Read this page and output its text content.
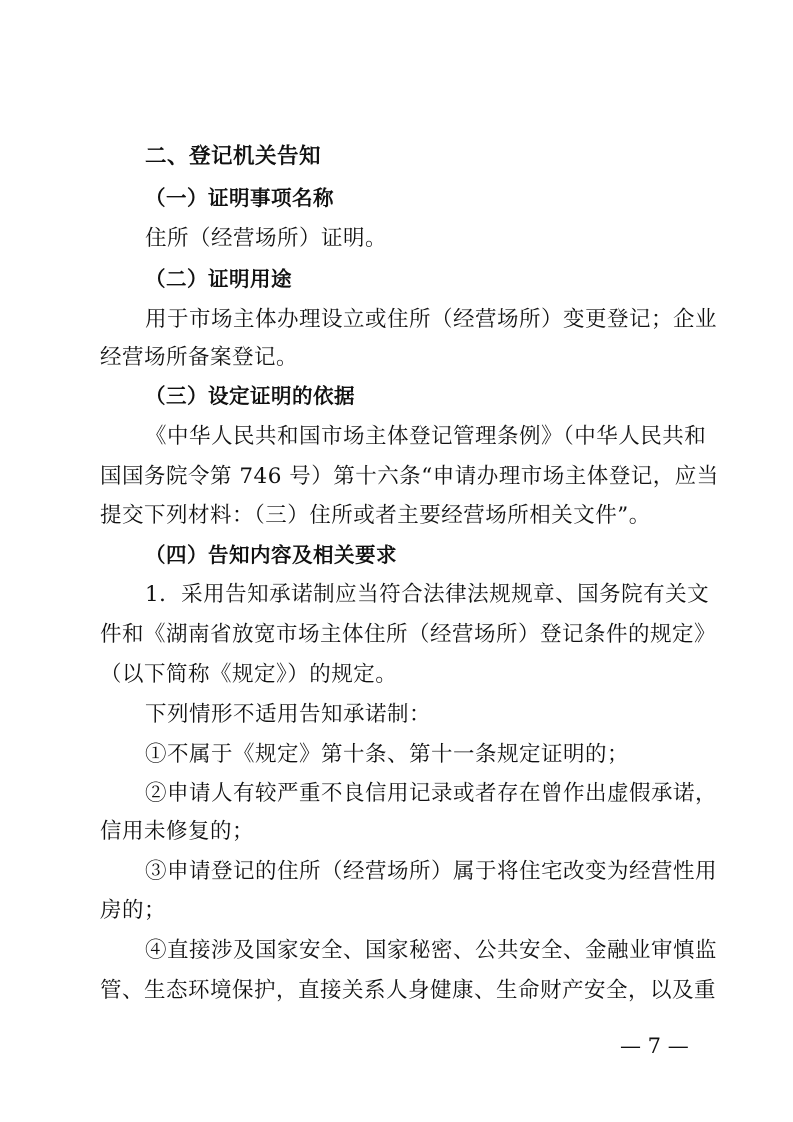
二、登记机关告知
（一）证明事项名称
住所（经营场所）证明。
（二）证明用途
用于市场主体办理设立或住所（经营场所）变更登记；企业
经营场所备案登记。
（三）设定证明的依据
《中华人民共和国市场主体登记管理条例》（中华人民共和
国国务院令第 746 号）第十六条“申请办理市场主体登记，应当
提交下列材料：（三）住所或者主要经营场所相关文件”。
（四）告知内容及相关要求
1．采用告知承诺制应当符合法律法规规章、国务院有关文
件和《湖南省放宽市场主体住所（经营场所）登记条件的规定》
（以下简称《规定》）的规定。
下列情形不适用告知承诺制：
①不属于《规定》第十条、第十一条规定证明的；
②申请人有较严重不良信用记录或者存在曾作出虚假承诺，
信用未修复的；
③申请登记的住所（经营场所）属于将住宅改变为经营性用
房的；
④直接涉及国家安全、国家秘密、公共安全、金融业审慎监
管、生态环境保护，直接关系人身健康、生命财产安全，以及重
— 7 —
